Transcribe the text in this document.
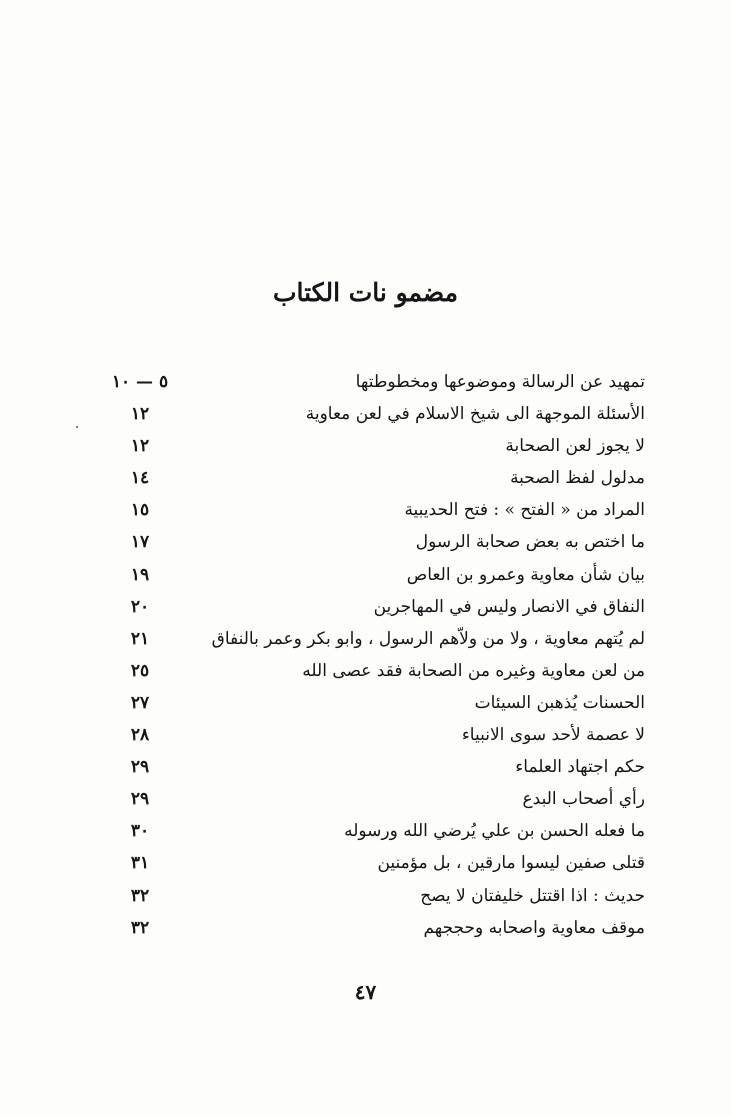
مضمو نات الكتاب
تمهيد عن الرسالة وموضوعها ومخطوطتها
٥ — ١٠
الأسئلة الموجهة الى شيخ الاسلام في لعن معاوية
١٢
لا يجوز لعن الصحابة
١٢
مدلول لفظ الصحبة
١٤
المراد من « الفتح » : فتح الحديبية
١٥
ما اختص به بعض صحابة الرسول
١٧
بيان شأن معاوية وعمرو بن العاص
١٩
النفاق في الانصار وليس في المهاجرين
٢٠
لم يُتهم معاوية ، ولا من ولاّهم الرسول ، وابو بكر وعمر بالنفاق
٢١
من لعن معاوية وغيره من الصحابة فقد عصى الله
٢٥
الحسنات يُذهبن السيئات
٢٧
لا عصمة لأحد سوى الانبياء
٢٨
حكم اجتهاد العلماء
٢٩
رأي أصحاب البدع
٢٩
ما فعله الحسن بن علي يُرضي الله ورسوله
٣٠
قتلى صفين ليسوا مارقين ، بل مؤمنين
٣١
حديث : اذا اقتتل خليفتان لا يصح
٣٢
موقف معاوية واصحابه وحججهم
٣٢
٤٧
